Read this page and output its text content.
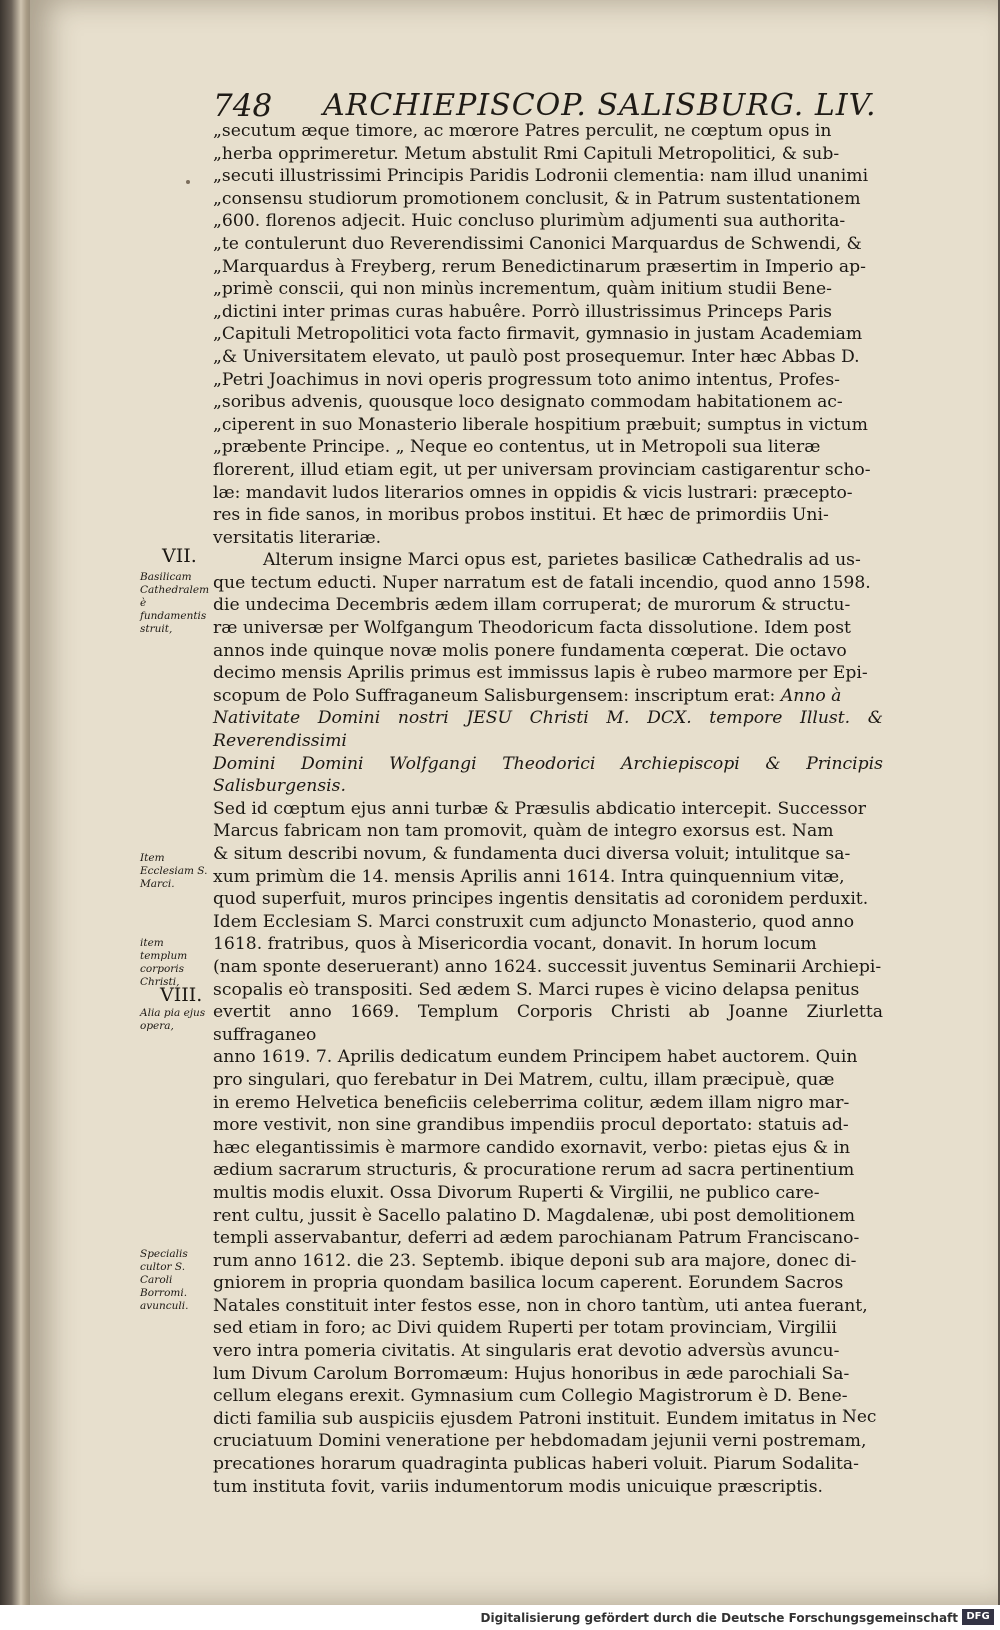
748 ARCHIEPISCOP. SALISBURG. LIV.
„secutum æque timore, ac mœrore Patres perculit, ne cœptum opus in
„herba opprimeretur. Metum abstulit Rmi Capituli Metropolitici, & sub-
„secuti illustrissimi Principis Paridis Lodronii clementia: nam illud unanimi
„consensu studiorum promotionem conclusit, & in Patrum sustentationem
„600. florenos adjecit. Huic concluso plurimùm adjumenti sua authorita-
„te contulerunt duo Reverendissimi Canonici Marquardus de Schwendi, &
„Marquardus à Freyberg, rerum Benedictinarum præsertim in Imperio ap-
„primè conscii, qui non minùs incrementum, quàm initium studii Bene-
„dictini inter primas curas habuêre. Porrò illustrissimus Princeps Paris
„Capituli Metropolitici vota facto firmavit, gymnasio in justam Academiam
„& Universitatem elevato, ut paulò post prosequemur. Inter hæc Abbas D.
„Petri Joachimus in novi operis progressum toto animo intentus, Profes-
„soribus advenis, quousque loco designato commodam habitationem ac-
„ciperent in suo Monasterio liberale hospitium præbuit; sumptus in victum
„præbente Principe. „ Neque eo contentus, ut in Metropoli sua literæ
florerent, illud etiam egit, ut per universam provinciam castigarentur scho-
læ: mandavit ludos literarios omnes in oppidis & vicis lustrari: præcepto-
res in fide sanos, in moribus probos institui. Et hæc de primordiis Uni-
versitatis literariæ.
Alterum insigne Marci opus est, parietes basilicæ Cathedralis ad us-
que tectum educti. Nuper narratum est de fatali incendio, quod anno 1598.
die undecima Decembris ædem illam corruperat; de murorum & structu-
ræ universæ per Wolfgangum Theodoricum facta dissolutione. Idem post
annos inde quinque novæ molis ponere fundamenta cœperat. Die octavo
decimo mensis Aprilis primus est immissus lapis è rubeo marmore per Epi-
scopum de Polo Suffraganeum Salisburgensem: inscriptum erat: Anno à
Nativitate Domini nostri JESU Christi M. DCX. tempore Illust. & Reverendissimi
Domini Domini Wolfgangi Theodorici Archiepiscopi & Principis Salisburgensis.
Sed id cœptum ejus anni turbæ & Præsulis abdicatio intercepit. Successor
Marcus fabricam non tam promovit, quàm de integro exorsus est. Nam
& situm describi novum, & fundamenta duci diversa voluit; intulitque sa-
xum primùm die 14. mensis Aprilis anni 1614. Intra quinquennium vitæ,
quod superfuit, muros principes ingentis densitatis ad coronidem perduxit.
Idem Ecclesiam S. Marci construxit cum adjuncto Monasterio, quod anno
1618. fratribus, quos à Misericordia vocant, donavit. In horum locum
(nam sponte deseruerant) anno 1624. successit juventus Seminarii Archiepi-
scopalis eò transpositi. Sed ædem S. Marci rupes è vicino delapsa penitus
evertit anno 1669. Templum Corporis Christi ab Joanne Ziurletta suffraganeo
anno 1619. 7. Aprilis dedicatum eundem Principem habet auctorem. Quin
pro singulari, quo ferebatur in Dei Matrem, cultu, illam præcipuè, quæ
in eremo Helvetica beneficiis celeberrima colitur, ædem illam nigro mar-
more vestivit, non sine grandibus impendiis procul deportato: statuis ad-
hæc elegantissimis è marmore candido exornavit, verbo: pietas ejus & in
ædium sacrarum structuris, & procuratione rerum ad sacra pertinentium
multis modis eluxit. Ossa Divorum Ruperti & Virgilii, ne publico care-
rent cultu, jussit è Sacello palatino D. Magdalenæ, ubi post demolitionem
templi asservabantur, deferri ad ædem parochianam Patrum Franciscano-
rum anno 1612. die 23. Septemb. ibique deponi sub ara majore, donec di-
gniorem in propria quondam basilica locum caperent. Eorundem Sacros
Natales constituit inter festos esse, non in choro tantùm, uti antea fuerant,
sed etiam in foro; ac Divi quidem Ruperti per totam provinciam, Virgilii
vero intra pomeria civitatis. At singularis erat devotio adversùs avuncu-
lum Divum Carolum Borromæum: Hujus honoribus in æde parochiali Sa-
cellum elegans erexit. Gymnasium cum Collegio Magistrorum è D. Bene-
dicti familia sub auspiciis ejusdem Patroni instituit. Eundem imitatus in
cruciatuum Domini veneratione per hebdomadam jejunii verni postremam,
precationes horarum quadraginta publicas haberi voluit. Piarum Sodalita-
tum instituta fovit, variis indumentorum modis unicuique præscriptis.
Nec
VII.
Basilicam Cathedralem è fundamentis struit,
Item Ecclesiam S. Marci.
item templum corporis Christi,
VIII.
Alia pia ejus opera,
Specialis cultor S. Caroli Borromi. avunculi.
Digitalisierung gefördert durch die Deutsche Forschungsgemeinschaft DFG
